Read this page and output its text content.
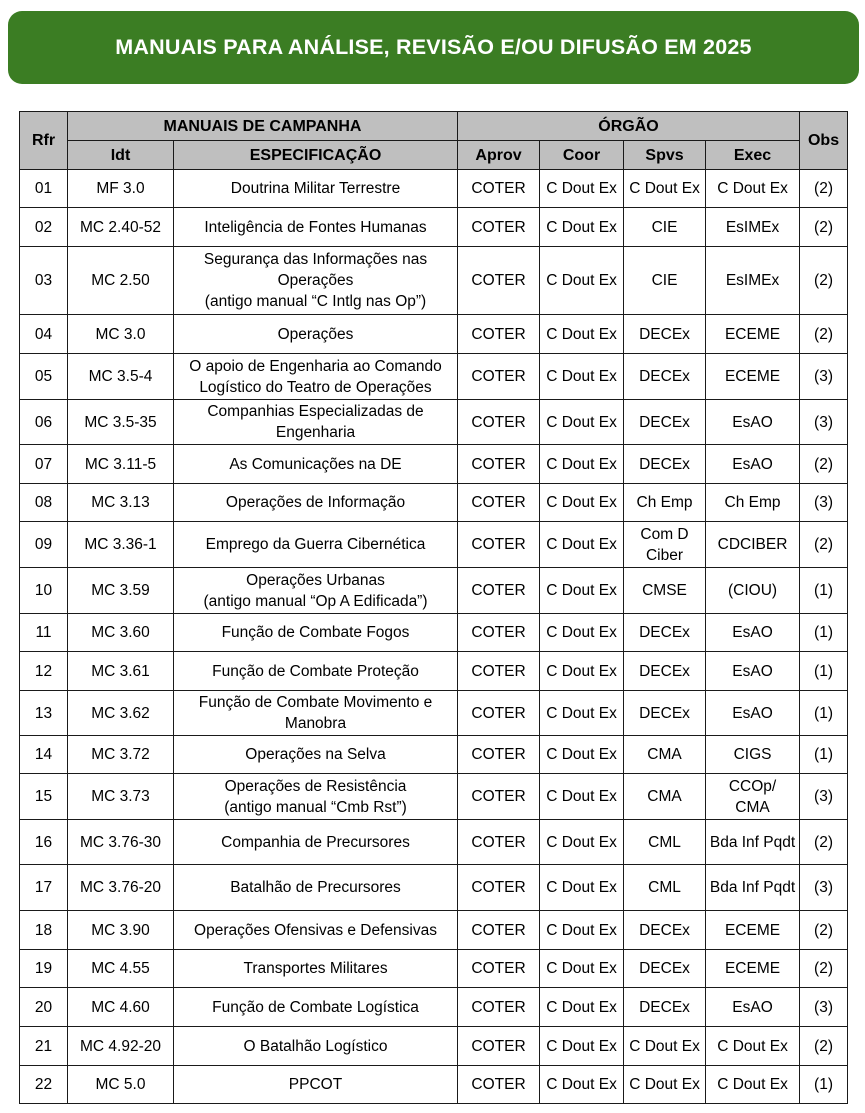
MANUAIS PARA ANÁLISE, REVISÃO E/OU DIFUSÃO EM 2025
Rfr	MANUAIS DE CAMPANHA		ÓRGÃO				Obs
	Idt	ESPECIFICAÇÃO	Aprov	Coor	Spvs	Exec	
01	MF 3.0	Doutrina Militar Terrestre	COTER	C Dout Ex	C Dout Ex	C Dout Ex	(2)
02	MC 2.40-52	Inteligência de Fontes Humanas	COTER	C Dout Ex	CIE	EsIMEx	(2)
03	MC 2.50	Segurança das Informações nas Operações
(antigo manual “C Intlg nas Op”)	COTER	C Dout Ex	CIE	EsIMEx	(2)
04	MC 3.0	Operações	COTER	C Dout Ex	DECEx	ECEME	(2)
05	MC 3.5-4	O apoio de Engenharia ao Comando Logístico do Teatro de Operações	COTER	C Dout Ex	DECEx	ECEME	(3)
06	MC 3.5-35	Companhias Especializadas de Engenharia	COTER	C Dout Ex	DECEx	EsAO	(3)
07	MC 3.11-5	As Comunicações na DE	COTER	C Dout Ex	DECEx	EsAO	(2)
08	MC 3.13	Operações de Informação	COTER	C Dout Ex	Ch Emp	Ch Emp	(3)
09	MC 3.36-1	Emprego da Guerra Cibernética	COTER	C Dout Ex	Com D Ciber	CDCIBER	(2)
10	MC 3.59	Operações Urbanas
(antigo manual “Op A Edificada”)	COTER	C Dout Ex	CMSE	(CIOU)	(1)
11	MC 3.60	Função de Combate Fogos	COTER	C Dout Ex	DECEx	EsAO	(1)
12	MC 3.61	Função de Combate Proteção	COTER	C Dout Ex	DECEx	EsAO	(1)
13	MC 3.62	Função de Combate Movimento e Manobra	COTER	C Dout Ex	DECEx	EsAO	(1)
14	MC 3.72	Operações na Selva	COTER	C Dout Ex	CMA	CIGS	(1)
15	MC 3.73	Operações de Resistência
(antigo manual “Cmb Rst”)	COTER	C Dout Ex	CMA	CCOp/
CMA	(3)
16	MC 3.76-30	Companhia de Precursores	COTER	C Dout Ex	CML	Bda Inf Pqdt	(2)
17	MC 3.76-20	Batalhão de Precursores	COTER	C Dout Ex	CML	Bda Inf Pqdt	(3)
18	MC 3.90	Operações Ofensivas e Defensivas	COTER	C Dout Ex	DECEx	ECEME	(2)
19	MC 4.55	Transportes Militares	COTER	C Dout Ex	DECEx	ECEME	(2)
20	MC 4.60	Função de Combate Logística	COTER	C Dout Ex	DECEx	EsAO	(3)
21	MC 4.92-20	O Batalhão Logístico	COTER	C Dout Ex	C Dout Ex	C Dout Ex	(2)
22	MC 5.0	PPCOT	COTER	C Dout Ex	C Dout Ex	C Dout Ex	(1)
